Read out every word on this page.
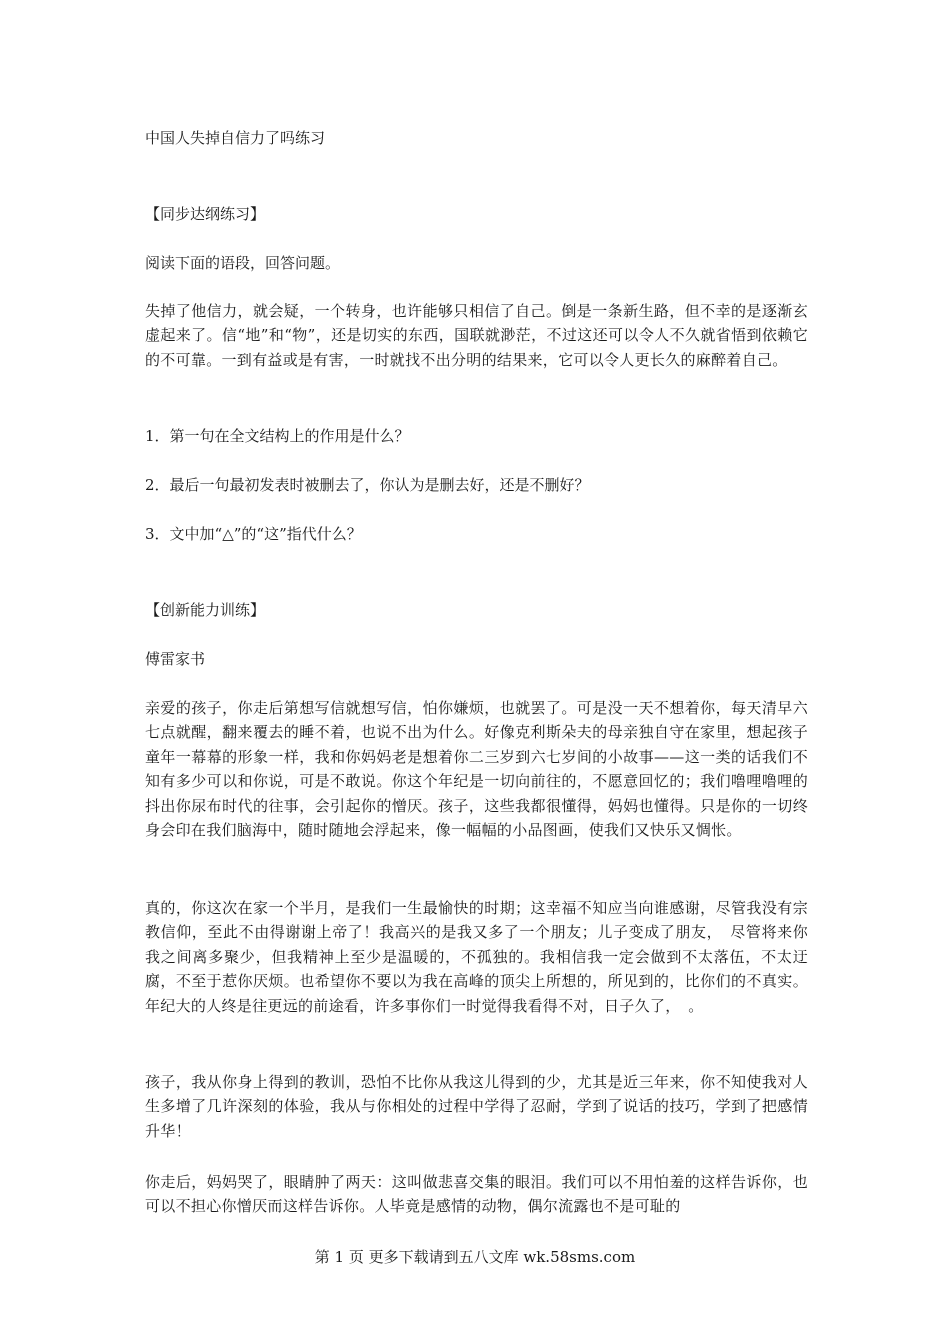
中国人失掉自信力了吗练习
【同步达纲练习】
阅读下面的语段，回答问题。
失掉了他信力，就会疑，一个转身，也许能够只相信了自己。倒是一条新生路，但不幸的是逐渐玄虚起来了。信“地”和“物”，还是切实的东西，国联就渺茫，不过这还可以令人不久就省悟到依赖它的不可靠。一到有益或是有害，一时就找不出分明的结果来，它可以令人更长久的麻醉着自己。
1．第一句在全文结构上的作用是什么？
2．最后一句最初发表时被删去了，你认为是删去好，还是不删好？
3．文中加“△”的“这”指代什么？
【创新能力训练】
傅雷家书
亲爱的孩子，你走后第想写信就想写信，怕你嫌烦，也就罢了。可是没一天不想着你，每天清早六七点就醒，翻来覆去的睡不着，也说不出为什么。好像克利斯朵夫的母亲独自守在家里，想起孩子童年一幕幕的形象一样，我和你妈妈老是想着你二三岁到六七岁间的小故事——这一类的话我们不知有多少可以和你说，可是不敢说。你这个年纪是一切向前往的，不愿意回忆的；我们噜哩噜哩的抖出你尿布时代的往事，会引起你的憎厌。孩子，这些我都很懂得，妈妈也懂得。只是你的一切终身会印在我们脑海中，随时随地会浮起来，像一幅幅的小品图画，使我们又快乐又惆怅。
真的，你这次在家一个半月，是我们一生最愉快的时期；这幸福不知应当向谁感谢，尽管我没有宗教信仰，至此不由得谢谢上帝了！我高兴的是我又多了一个朋友；儿子变成了朋友，　尽管将来你我之间离多聚少，但我精神上至少是温暖的，不孤独的。我相信我一定会做到不太落伍，不太迂腐，不至于惹你厌烦。也希望你不要以为我在高峰的顶尖上所想的，所见到的，比你们的不真实。年纪大的人终是往更远的前途看，许多事你们一时觉得我看得不对，日子久了，　。
孩子，我从你身上得到的教训，恐怕不比你从我这儿得到的少，尤其是近三年来，你不知使我对人生多增了几许深刻的体验，我从与你相处的过程中学得了忍耐，学到了说话的技巧，学到了把感情升华！
你走后，妈妈哭了，眼睛肿了两天：这叫做悲喜交集的眼泪。我们可以不用怕羞的这样告诉你，也可以不担心你憎厌而这样告诉你。人毕竟是感情的动物，偶尔流露也不是可耻的
第 1 页 更多下载请到五八文库 wk.58sms.com
